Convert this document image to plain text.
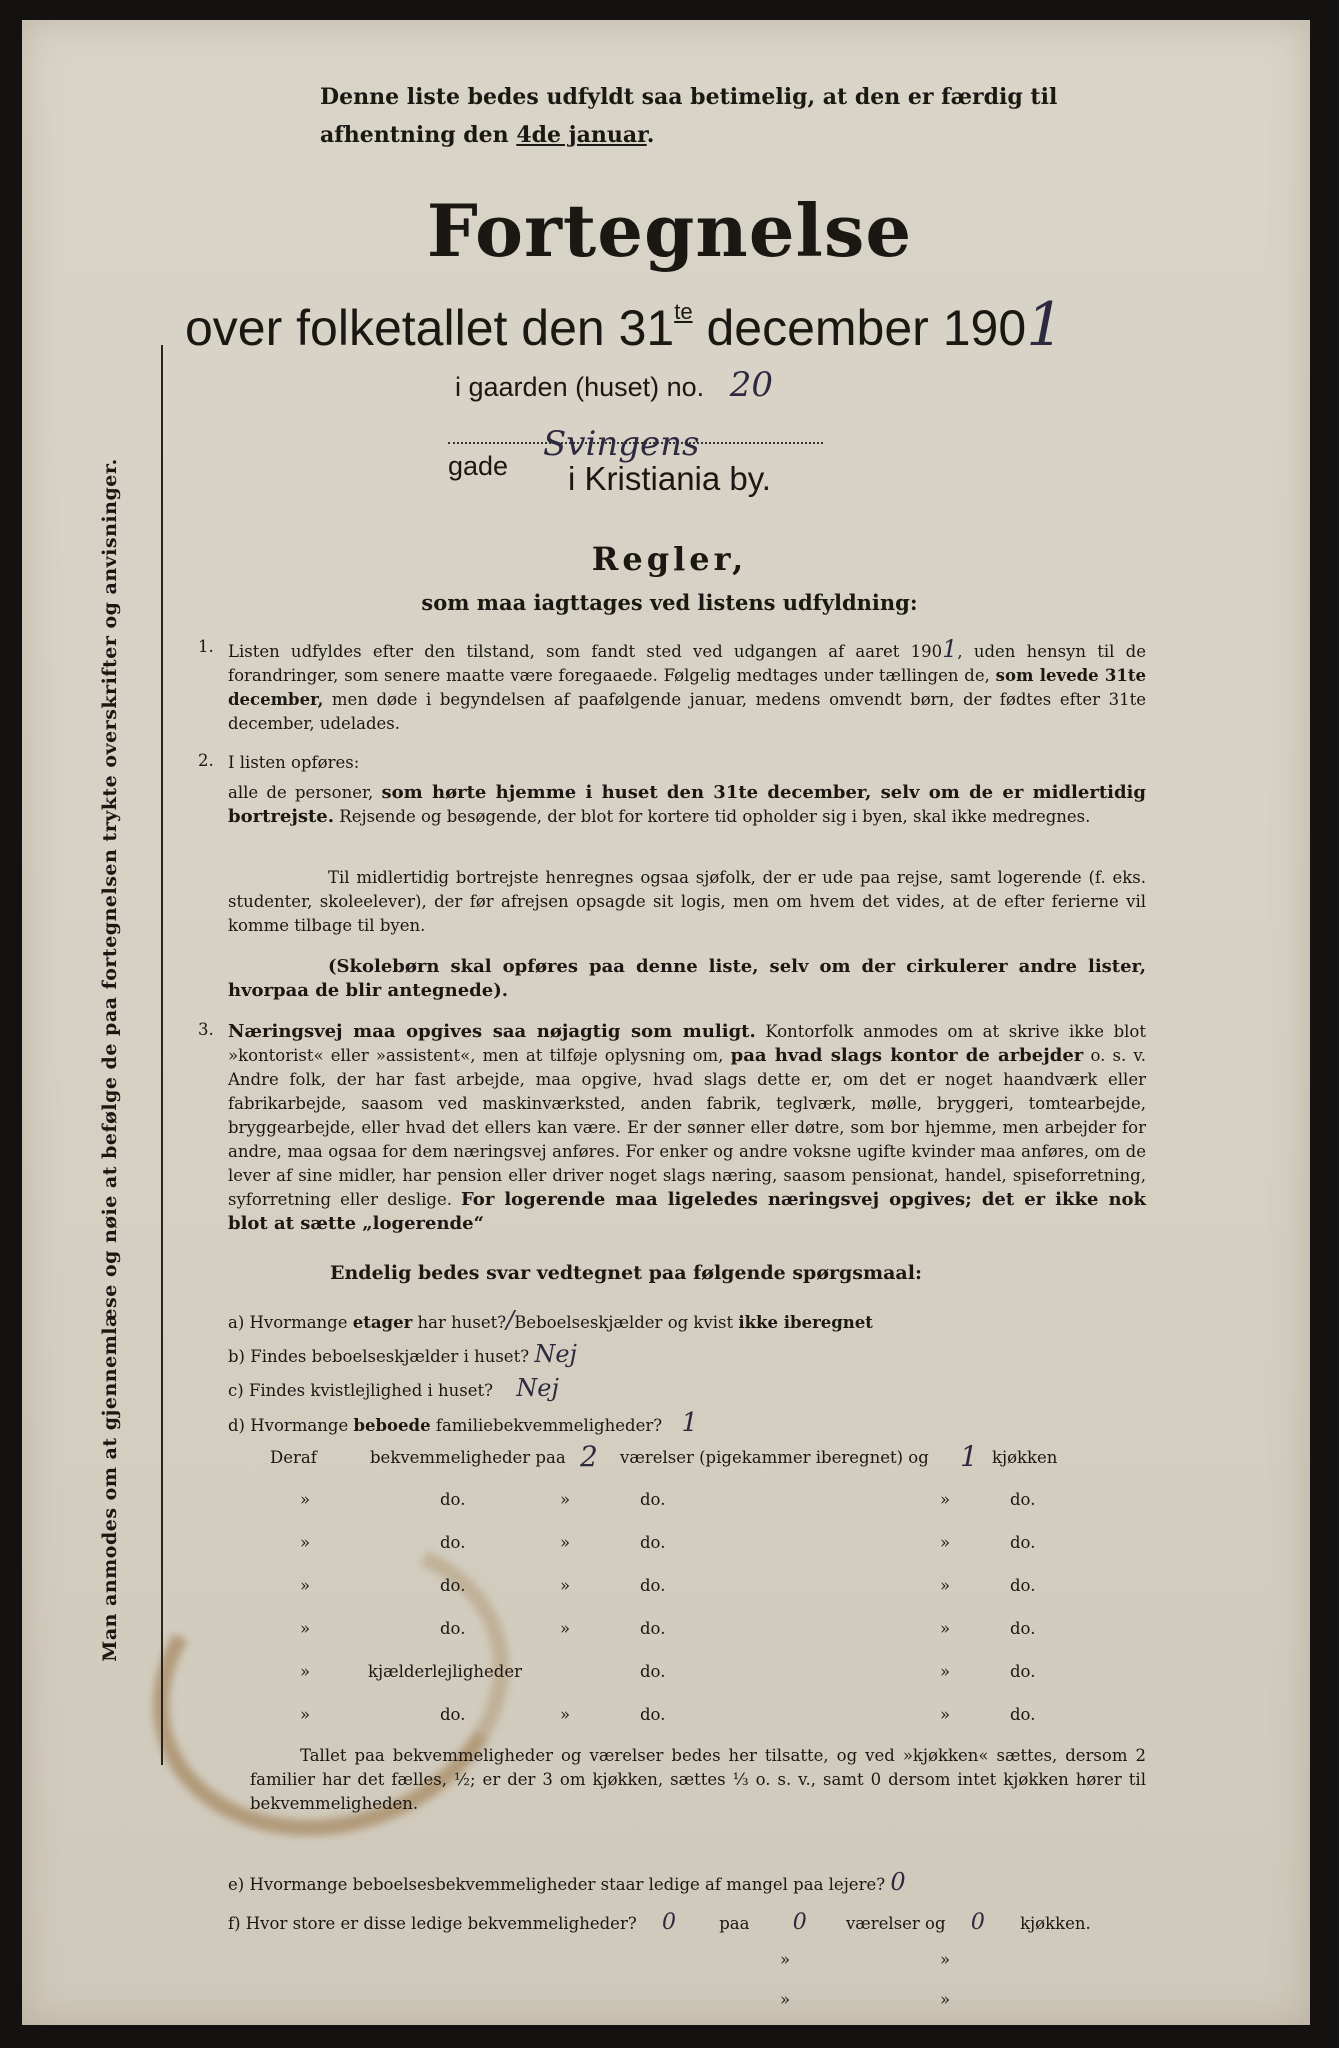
Man anmodes om at gjennemlæse og nøie at befølge de paa fortegnelsen trykte overskrifter og anvisninger.
Denne liste bedes udfyldt saa betimelig, at den er færdig til
afhentning den 4de januar.
Fortegnelse
over folketallet den $31^{te}$ december 1901
i gaarden (huset) no. 20
Svingens
gade	i Kristiania by.
Regler,
som maa iagttages ved listens udfyldning:
1. Listen udfyldes efter den tilstand, som fandt sted ved udgangen af aaret 1901, uden hensyn til de forandringer, som senere maatte være foregaaede. Følgelig medtages under tællingen de, som levede 31te december, men døde i begyndelsen af paafølgende januar, medens omvendt børn, der fødtes efter 31te december, udelades.
2. I listen opføres:
alle de personer, som hørte hjemme i huset den 31te december, selv om de er midlertidig bortrejste. Rejsende og besøgende, der blot for kortere tid opholder sig i byen, skal ikke medregnes.
Til midlertidig bortrejste henregnes ogsaa sjøfolk, der er ude paa rejse, samt logerende (f. eks. studenter, skoleelever), der før afrejsen opsagde sit logis, men om hvem det vides, at de efter ferierne vil komme tilbage til byen.
(Skolebørn skal opføres paa denne liste, selv om der cirkulerer andre lister, hvorpaa de blir antegnede).
3. Næringsvej maa opgives saa nøjagtig som muligt. Kontorfolk anmodes om at skrive ikke blot »kontorist« eller »assistent«, men at tilføje oplysning om, paa hvad slags kontor de arbejder o. s. v. Andre folk, der har fast arbejde, maa opgive, hvad slags dette er, om det er noget haandværk eller fabrikarbejde, saasom ved maskinværksted, anden fabrik, teglværk, mølle, bryggeri, tomtearbejde, bryggearbejde, eller hvad det ellers kan være. Er der sønner eller døtre, som bor hjemme, men arbejder for andre, maa ogsaa for dem næringsvej anføres. For enker og andre voksne ugifte kvinder maa anføres, om de lever af sine midler, har pension eller driver noget slags næring, saasom pensionat, handel, spiseforretning, syforretning eller deslige. For logerende maa ligeledes næringsvej opgives; det er ikke nok blot at sætte „logerende“
Endelig bedes svar vedtegnet paa følgende spørgsmaal:
a) Hvormange etager har huset?/Beboelseskjælder og kvist ikke iberegnet
b) Findes beboelseskjælder i huset? Nej
c) Findes kvistlejlighed i huset? Nej
d) Hvormange beboede familiebekvemmeligheder? 1
Deraf	bekvemmeligheder paa 2 værelser (pigekammer iberegnet) og 1 kjøkken
»	do.	»	do.	»	do.
»	do.	»	do.	»	do.
»	do.	»	do.	»	do.
»	do.	»	do.	»	do.
»	kjælderlejligheder	do.	»	do.
»	do.	»	do.	»	do.
Tallet paa bekvemmeligheder og værelser bedes her tilsatte, og ved »kjøkken« sættes, dersom 2 familier har det fælles, ½; er der 3 om kjøkken, sættes ⅓ o. s. v., samt 0 dersom intet kjøkken hører til bekvemmeligheden.
e) Hvormange beboelsesbekvemmeligheder staar ledige af mangel paa lejere? 0
f) Hvor store er disse ledige bekvemmeligheder? 0	paa 0 værelser og 0 kjøkken.
»	»
»	»
